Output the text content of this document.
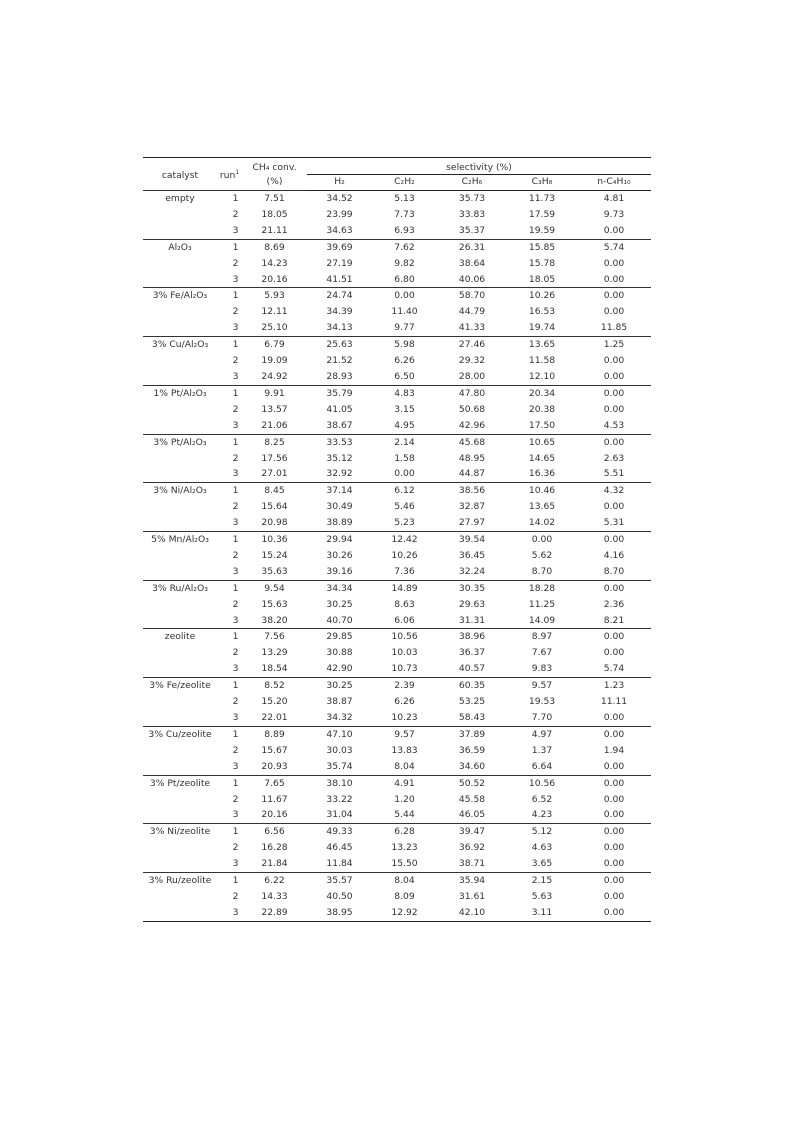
catalyst	run$^1$	CH₄ conv.	selectivity (%)				
		(%)	H₂	C₂H₂	C₂H₆	C₃H₈	n-C₄H₁₀
empty	1	7.51	34.52	5.13	35.73	11.73	4.81
	2	18.05	23.99	7.73	33.83	17.59	9.73
	3	21.11	34.63	6.93	35.37	19.59	0.00
Al₂O₃	1	8.69	39.69	7.62	26.31	15.85	5.74
	2	14.23	27.19	9.82	38.64	15.78	0.00
	3	20.16	41.51	6.80	40.06	18.05	0.00
3% Fe/Al₂O₃	1	5.93	24.74	0.00	58.70	10.26	0.00
	2	12.11	34.39	11.40	44.79	16.53	0.00
	3	25.10	34.13	9.77	41.33	19.74	11.85
3% Cu/Al₂O₃	1	6.79	25.63	5.98	27.46	13.65	1.25
	2	19.09	21.52	6.26	29.32	11.58	0.00
	3	24.92	28.93	6.50	28.00	12.10	0.00
1% Pt/Al₂O₃	1	9.91	35.79	4.83	47.80	20.34	0.00
	2	13.57	41.05	3.15	50.68	20.38	0.00
	3	21.06	38.67	4.95	42.96	17.50	4.53
3% Pt/Al₂O₃	1	8.25	33.53	2.14	45.68	10.65	0.00
	2	17.56	35.12	1.58	48.95	14.65	2.63
	3	27.01	32.92	0.00	44.87	16.36	5.51
3% Ni/Al₂O₃	1	8.45	37.14	6.12	38.56	10.46	4.32
	2	15.64	30.49	5.46	32.87	13.65	0.00
	3	20.98	38.89	5.23	27.97	14.02	5.31
5% Mn/Al₂O₃	1	10.36	29.94	12.42	39.54	0.00	0.00
	2	15.24	30.26	10.26	36.45	5.62	4.16
	3	35.63	39.16	7.36	32.24	8.70	8.70
3% Ru/Al₂O₃	1	9.54	34.34	14.89	30.35	18.28	0.00
	2	15.63	30.25	8.63	29.63	11.25	2.36
	3	38.20	40.70	6.06	31.31	14.09	8.21
zeolite	1	7.56	29.85	10.56	38.96	8.97	0.00
	2	13.29	30.88	10.03	36.37	7.67	0.00
	3	18.54	42.90	10.73	40.57	9.83	5.74
3% Fe/zeolite	1	8.52	30.25	2.39	60.35	9.57	1.23
	2	15.20	38.87	6.26	53.25	19.53	11.11
	3	22.01	34.32	10.23	58.43	7.70	0.00
3% Cu/zeolite	1	8.89	47.10	9.57	37.89	4.97	0.00
	2	15.67	30.03	13.83	36.59	1.37	1.94
	3	20.93	35.74	8.04	34.60	6.64	0.00
3% Pt/zeolite	1	7.65	38.10	4.91	50.52	10.56	0.00
	2	11.67	33.22	1.20	45.58	6.52	0.00
	3	20.16	31.04	5.44	46.05	4.23	0.00
3% Ni/zeolite	1	6.56	49.33	6.28	39.47	5.12	0.00
	2	16.28	46.45	13.23	36.92	4.63	0.00
	3	21.84	11.84	15.50	38.71	3.65	0.00
3% Ru/zeolite	1	6.22	35.57	8.04	35.94	2.15	0.00
	2	14.33	40.50	8.09	31.61	5.63	0.00
	3	22.89	38.95	12.92	42.10	3.11	0.00
